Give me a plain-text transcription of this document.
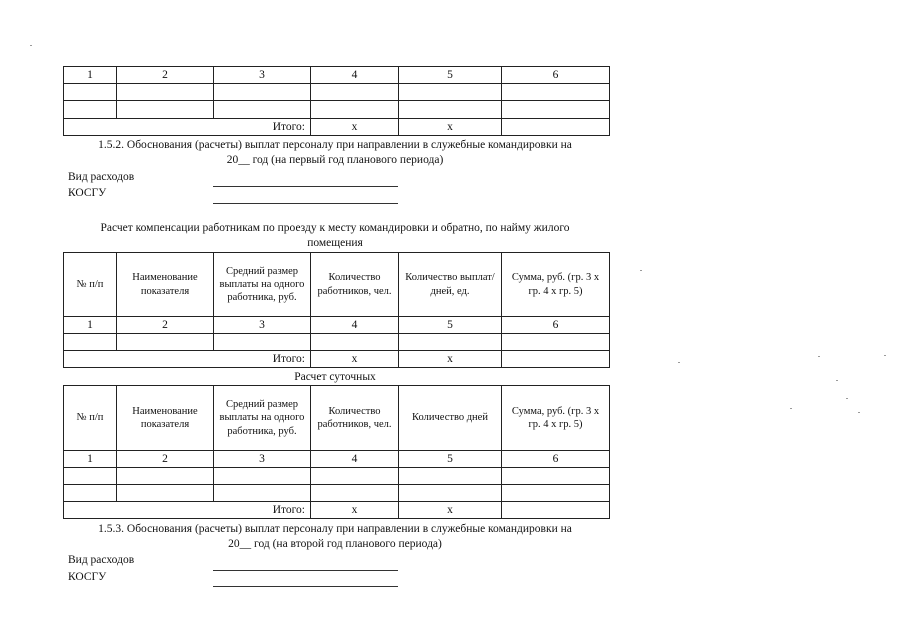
1	2	3	4	5	6

Итого:			x	x	
1.5.2. Обоснования (расчеты) выплат персоналу при направлении в служебные командировки на
20__ год (на первый год планового периода)
Вид расходов
КОСГУ
Расчет компенсации работникам по проезду к месту командировки и обратно, по найму жилого
помещения
№ п/п	Наименование показателя	Средний размер выплаты на одного работника, руб.	Количество работников, чел.	Количество выплат/дней, ед.	Сумма, руб. (гр. 3 х гр. 4 х гр. 5)
1	2	3	4	5	6

Итого:			x	x	
Расчет суточных
№ п/п	Наименование показателя	Средний размер выплаты на одного работника, руб.	Количество работников, чел.	Количество дней	Сумма, руб. (гр. 3 х гр. 4 х гр. 5)
1	2	3	4	5	6

Итого:			x	x	
1.5.3. Обоснования (расчеты) выплат персоналу при направлении в служебные командировки на
20__ год (на второй год планового периода)
Вид расходов
КОСГУ
